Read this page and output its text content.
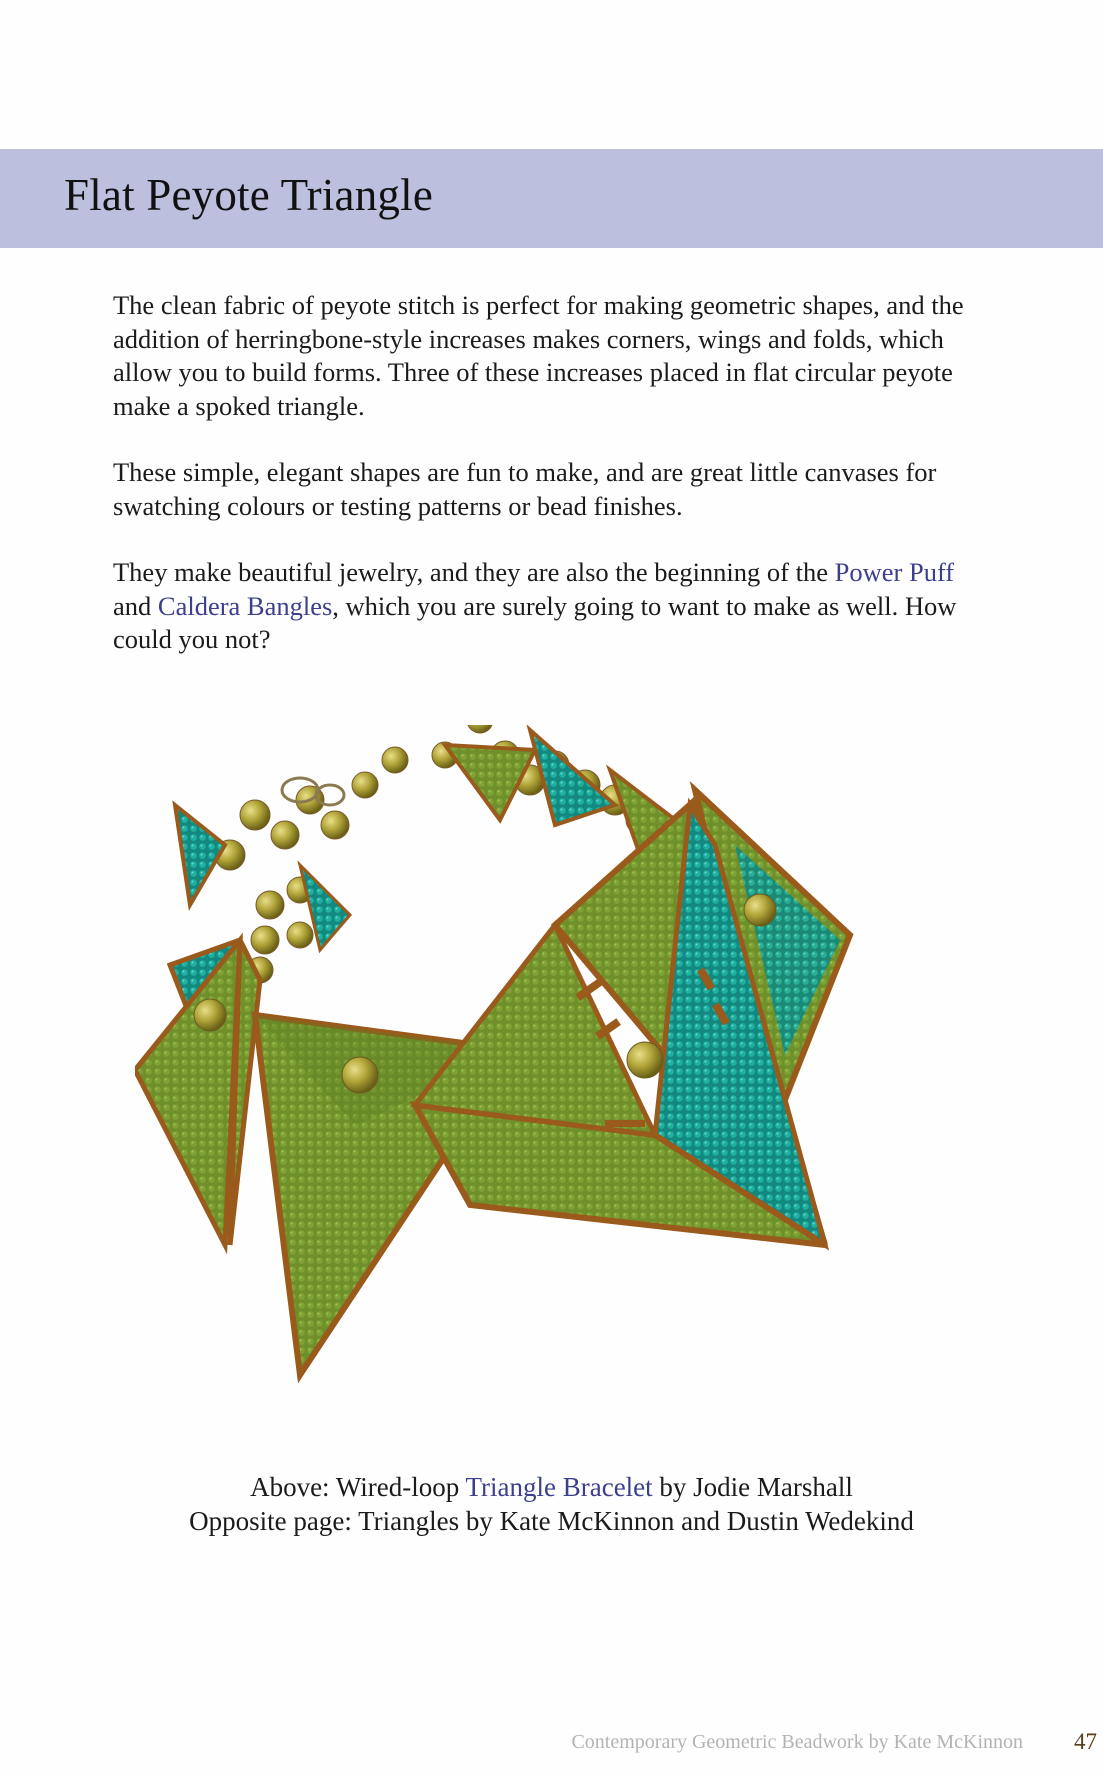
Flat Peyote Triangle

The clean fabric of peyote stitch is perfect for making geometric shapes, and the addition of herringbone-style increases makes corners, wings and folds, which allow you to build forms. Three of these increases placed in flat circular peyote make a spoked triangle.

These simple, elegant shapes are fun to make, and are great little canvases for swatching colours or testing patterns or bead finishes.

They make beautiful jewelry, and they are also the beginning of the Power Puff and Caldera Bangles, which you are surely going to want to make as well. How could you not?

Above: Wired-loop Triangle Bracelet by Jodie Marshall
Opposite page: Triangles by Kate McKinnon and Dustin Wedekind
Contemporary Geometric Beadwork by Kate McKinnon 47
